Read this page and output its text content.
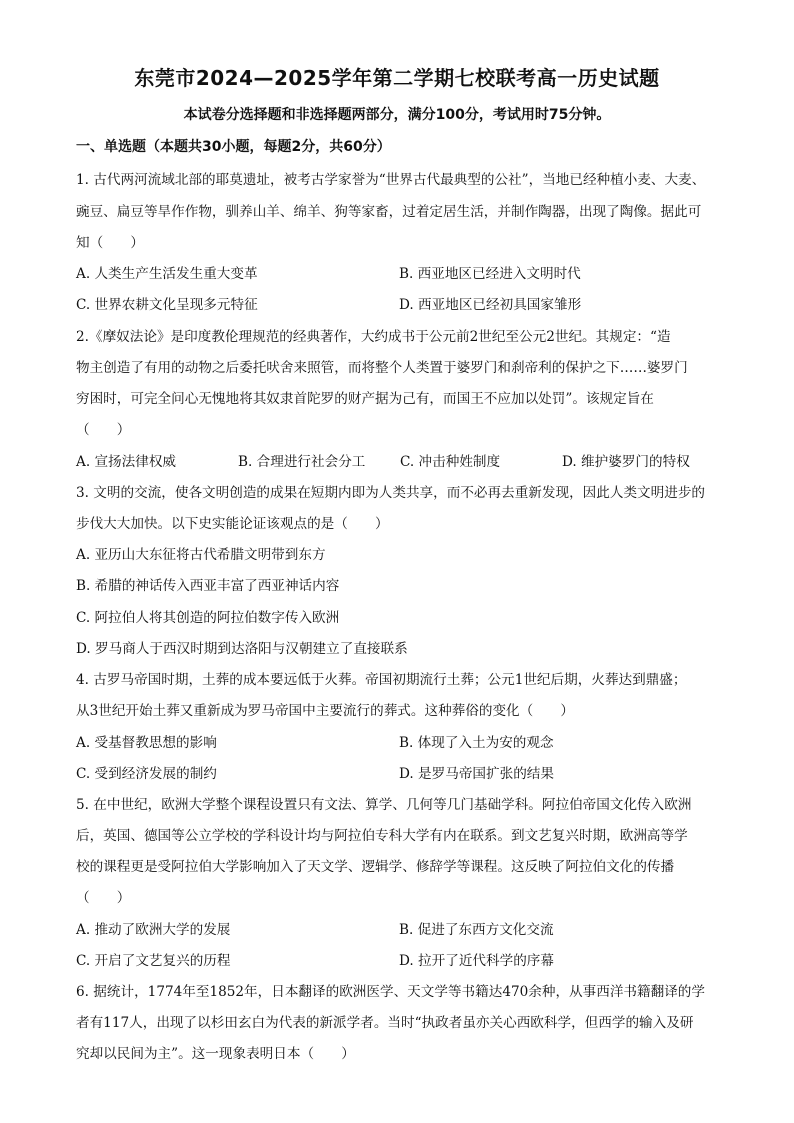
东莞市2024—2025学年第二学期七校联考高一历史试题
本试卷分选择题和非选择题两部分，满分100分，考试用时75分钟。
一、单选题（本题共30小题，每题2分，共60分）
1. 古代两河流域北部的耶莫遗址，被考古学家誉为“世界古代最典型的公社”，当地已经种植小麦、大麦、
豌豆、扁豆等旱作作物，驯养山羊、绵羊、狗等家畜，过着定居生活，并制作陶器，出现了陶像。据此可
知（　　）
A. 人类生产生活发生重大变革	B. 西亚地区已经进入文明时代
C. 世界农耕文化呈现多元特征	D. 西亚地区已经初具国家雏形
2.《摩奴法论》是印度教伦理规范的经典著作，大约成书于公元前2世纪至公元2世纪。其规定：“造
物主创造了有用的动物之后委托吠舍来照管，而将整个人类置于婆罗门和刹帝利的保护之下……婆罗门
穷困时，可完全问心无愧地将其奴隶首陀罗的财产据为己有，而国王不应加以处罚”。该规定旨在
（　　）
A. 宣扬法律权威	B. 合理进行社会分工	C. 冲击种姓制度	D. 维护婆罗门的特权
3. 文明的交流，使各文明创造的成果在短期内即为人类共享，而不必再去重新发现，因此人类文明进步的
步伐大大加快。以下史实能论证该观点的是（　　）
A. 亚历山大东征将古代希腊文明带到东方
B. 希腊的神话传入西亚丰富了西亚神话内容
C. 阿拉伯人将其创造的阿拉伯数字传入欧洲
D. 罗马商人于西汉时期到达洛阳与汉朝建立了直接联系
4. 古罗马帝国时期，土葬的成本要远低于火葬。帝国初期流行土葬；公元1世纪后期，火葬达到鼎盛；
从3世纪开始土葬又重新成为罗马帝国中主要流行的葬式。这种葬俗的变化（　　）
A. 受基督教思想的影响	B. 体现了入土为安的观念
C. 受到经济发展的制约	D. 是罗马帝国扩张的结果
5. 在中世纪，欧洲大学整个课程设置只有文法、算学、几何等几门基础学科。阿拉伯帝国文化传入欧洲
后，英国、德国等公立学校的学科设计均与阿拉伯专科大学有内在联系。到文艺复兴时期，欧洲高等学
校的课程更是受阿拉伯大学影响加入了天文学、逻辑学、修辞学等课程。这反映了阿拉伯文化的传播
（　　）
A. 推动了欧洲大学的发展	B. 促进了东西方文化交流
C. 开启了文艺复兴的历程	D. 拉开了近代科学的序幕
6. 据统计，1774年至1852年，日本翻译的欧洲医学、天文学等书籍达470余种，从事西洋书籍翻译的学
者有117人，出现了以杉田玄白为代表的新派学者。当时“执政者虽亦关心西欧科学，但西学的输入及研
究却以民间为主”。这一现象表明日本（　　）
